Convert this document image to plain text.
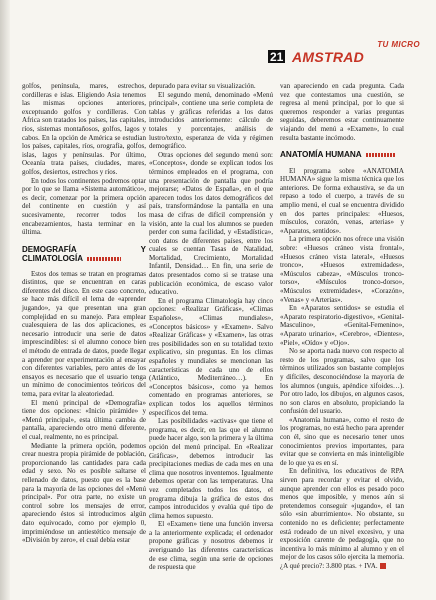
TU MICRO
21 AMSTRAD

golfos, península, mares, estrechos, cordilleras e islas. Eligiendo Asia tenemos las mismas opciones anteriores, exceptuando golfos y cordilleras. Con Africa son tratados los países, las capitales, ríos, sistemas montañosos, golfos, lagos y cabos. En la opción de América se estudian los países, capitales, ríos, orografía, golfos, islas, lagos y penínsulas. Por último, Oceanía trata países, ciudades, mares, golfos, desiertos, estrechos y ríos.

En todos los continentes podremos optar por lo que se llama «Sistema automático», es decir, comenzar por la primera opción del continente en cuestión y así sucesivamente, recorrer todos los encabezamientos, hasta terminar en la última.

DEMOGRAFÍA Y CLIMATOLOGÍA

Estos dos temas se tratan en programas distintos, que se encuentran en caras diferentes del disco. En este caso concreto, se hace más difícil el lema de «aprender jugando», ya que presentan una gran complejidad en su manejo. Para emplear cualesquiera de las dos aplicaciones, es necesario introducir una serie de datos imprescindibles: si el alumno conoce bien el método de entrada de datos, puede llegar a aprender por experimentación al ensayar con diferentes variables, pero antes de los ensayos es necesario que el usuario tenga un mínimo de conocimientos teóricos del tema, para evitar la aleatoriedad.

El menú principal de «Demografía» tiene dos opciones: «Inicio pirámide» y «Menú principal», esta última cambia de pantalla, apareciendo otro menú diferente, el cual, realmente, no es principal.

Mediante la primera opción, podemos crear nuestra propia pirámide de población, proporcionando las cantidades para cada edad y sexo. No es posible saltarse el rellenado de datos, puesto que es la base para la mayoría de las opciones del «Menú principal». Por otra parte, no existe un control sobre los mensajes de error, apareciendo éstos si introducimos algún dato equivocado, como por ejemplo 0, imprimiéndose un antiestético mensaje de «División by zero», el cual debía estar

depurado para evitar su visualización.

El segundo menú, denominado «Menú principal», contiene una serie completa de tablas y gráficas referidas a los datos introducidos anteriormente: cálculo de totales y porcentajes, análisis de lustro/texto, esperanza de vida y régimen demográfico.

Otras opciones del segundo menú son: «Conceptos», donde se explican todos los términos empleados en el programa, con una presentación de pantalla que podría mejorarse; «Datos de España», en el que aparecen todos los datos demográficos del país, transformándose la pantalla en una masa de cifras de difícil comprensión y visión, ante la cual los alumnos se pueden perder con suma facilidad, y «Estadística», con datos de diferentes países, entre los cuales se cuentan Tasas de Natalidad, Mortalidad, Crecimiento, Mortalidad Infantil, Densidad… En fin, una serie de datos presentados como si se tratase una publicación económica, de escaso valor educativo.

En el programa Climatología hay cinco opciones: «Realizar Gráficas», «Climas Españoles», «Climas mundiales», «Conceptos básicos» y «Examen». Salvo «Realizar Gráficas» y «Examen», las otras tres posibilidades son en su totalidad texto explicativo, sin preguntas. En los climas españoles y mundiales se mencionan las características de cada uno de ellos (Atlántico, Mediterráneo…). En «Conceptos básicos», como ya hemos comentado en programas anteriores, se explican todos los aquellos términos específicos del tema.

Las posibilidades «activas» que tiene el programa, es decir, en las que el alumno puede hacer algo, son la primera y la última opción del menú principal. En «Realizar Gráficas», debemos introducir las precipitaciones medias de cada mes en una clima que nosotros inventemos. Igualmente debemos operar con las temperaturas. Una vez completados todos los datos, el programa dibuja la gráfica de estos dos campos introducidos y evalúa qué tipo de clima hemos supuesto.

El «Examen» tiene una función inversa a la anteriormente explicada; el ordenador propone gráficas y nosotros debemos ir averiguando las diferentes características de ese clima, según una serie de opciones de respuesta que

van apareciendo en cada pregunta. Cada vez que contestamos una cuestión, se regresa al menú principal, por lo que si queremos responder a varias preguntas seguidas, deberemos estar continuamente viajando del menú a «Examen», lo cual resulta bastante incómodo.

ANATOMÍA HUMANA

El programa sobre «ANATOMIA HUMANA» sigue la misma técnica que los anteriores. De forma exhaustiva, se da un repaso a todo el cuerpo, a través de su amplio menú, el cual se encuentra dividido en dos partes principales: «Huesos, músculos, corazón, venas, arterias» y «Aparatos, sentidos».

La primera opción nos ofrece una visión sobre: «Huesos cráneo vista frontal», «Huesos cráneo vista lateral», «Huesos tronco», «Huesos extremidades», «Músculos cabeza», «Músculos tronco-torso», «Músculos tronco-dorso», «Músculos extremidades», «Corazón», «Venas» y «Arterias».

En «Aparatos sentidos» se estudia el «Aparato respiratorio-digestivo», «Genital-Masculino», «Genital-Femenino», «Aparato urinario», «Cerebro», «Dientes», «Piel», «Oído» y «Ojo».

No se aporta nada nuevo con respecto al resto de los programas, salvo que los términos utilizados son bastante complejos y difíciles, desconociéndose la mayoría de los alumnos (unguis, apéndice xifoides…). Por otro lado, los dibujos, en algunos casos, no son claros en absoluto, propiciando la confusión del usuario.

«Anatomía humana», como el resto de los programas, no está hecho para aprender con él, sino que es necesario tener unos conocimientos previos importantes, para evitar que se convierta en más ininteligible de lo que ya es en sí.

En definitiva, los educativos de RPA sirven para recordar y evitar el olvido, aunque aprender con ellos es pesado poco menos que imposible, y menos aún si pretendemos conseguir «jugando», el tan sólo «sin aburrimiento». No obstante, su contenido no es deficiente; perfectamente está rodeado de un nivel excesivo, y una exposición carente de pedagogía, que no incentiva lo más mínimo al alumno y en el mejor de los casos sólo ejercita la memoria. ¿A qué precio?: 3.800 ptas. + IVA.
